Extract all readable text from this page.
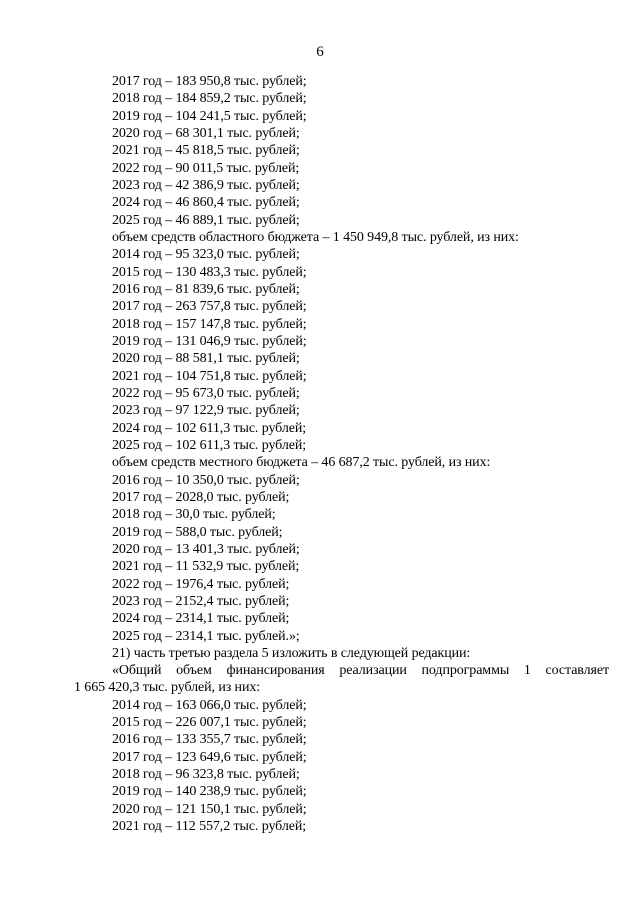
6
2017 год – 183 950,8 тыс. рублей;
2018 год – 184 859,2 тыс. рублей;
2019 год – 104 241,5 тыс. рублей;
2020 год – 68 301,1 тыс. рублей;
2021 год – 45 818,5 тыс. рублей;
2022 год – 90 011,5 тыс. рублей;
2023 год – 42 386,9 тыс. рублей;
2024 год – 46 860,4 тыс. рублей;
2025 год – 46 889,1 тыс. рублей;
объем средств областного бюджета – 1 450 949,8 тыс. рублей, из них:
2014 год – 95 323,0 тыс. рублей;
2015 год – 130 483,3 тыс. рублей;
2016 год – 81 839,6 тыс. рублей;
2017 год – 263 757,8 тыс. рублей;
2018 год – 157 147,8 тыс. рублей;
2019 год – 131 046,9 тыс. рублей;
2020 год – 88 581,1 тыс. рублей;
2021 год – 104 751,8 тыс. рублей;
2022 год – 95 673,0 тыс. рублей;
2023 год – 97 122,9 тыс. рублей;
2024 год – 102 611,3 тыс. рублей;
2025 год – 102 611,3 тыс. рублей;
объем средств местного бюджета – 46 687,2 тыс. рублей, из них:
2016 год – 10 350,0 тыс. рублей;
2017 год – 2028,0 тыс. рублей;
2018 год – 30,0 тыс. рублей;
2019 год – 588,0 тыс. рублей;
2020 год – 13 401,3 тыс. рублей;
2021 год – 11 532,9 тыс. рублей;
2022 год – 1976,4 тыс. рублей;
2023 год – 2152,4 тыс. рублей;
2024 год – 2314,1 тыс. рублей;
2025 год – 2314,1 тыс. рублей.»;
21) часть третью раздела 5 изложить в следующей редакции:
«Общий объем финансирования реализации подпрограммы 1 составляет
1 665 420,3 тыс. рублей, из них:
2014 год – 163 066,0 тыс. рублей;
2015 год – 226 007,1 тыс. рублей;
2016 год – 133 355,7 тыс. рублей;
2017 год – 123 649,6 тыс. рублей;
2018 год – 96 323,8 тыс. рублей;
2019 год – 140 238,9 тыс. рублей;
2020 год – 121 150,1 тыс. рублей;
2021 год – 112 557,2 тыс. рублей;
